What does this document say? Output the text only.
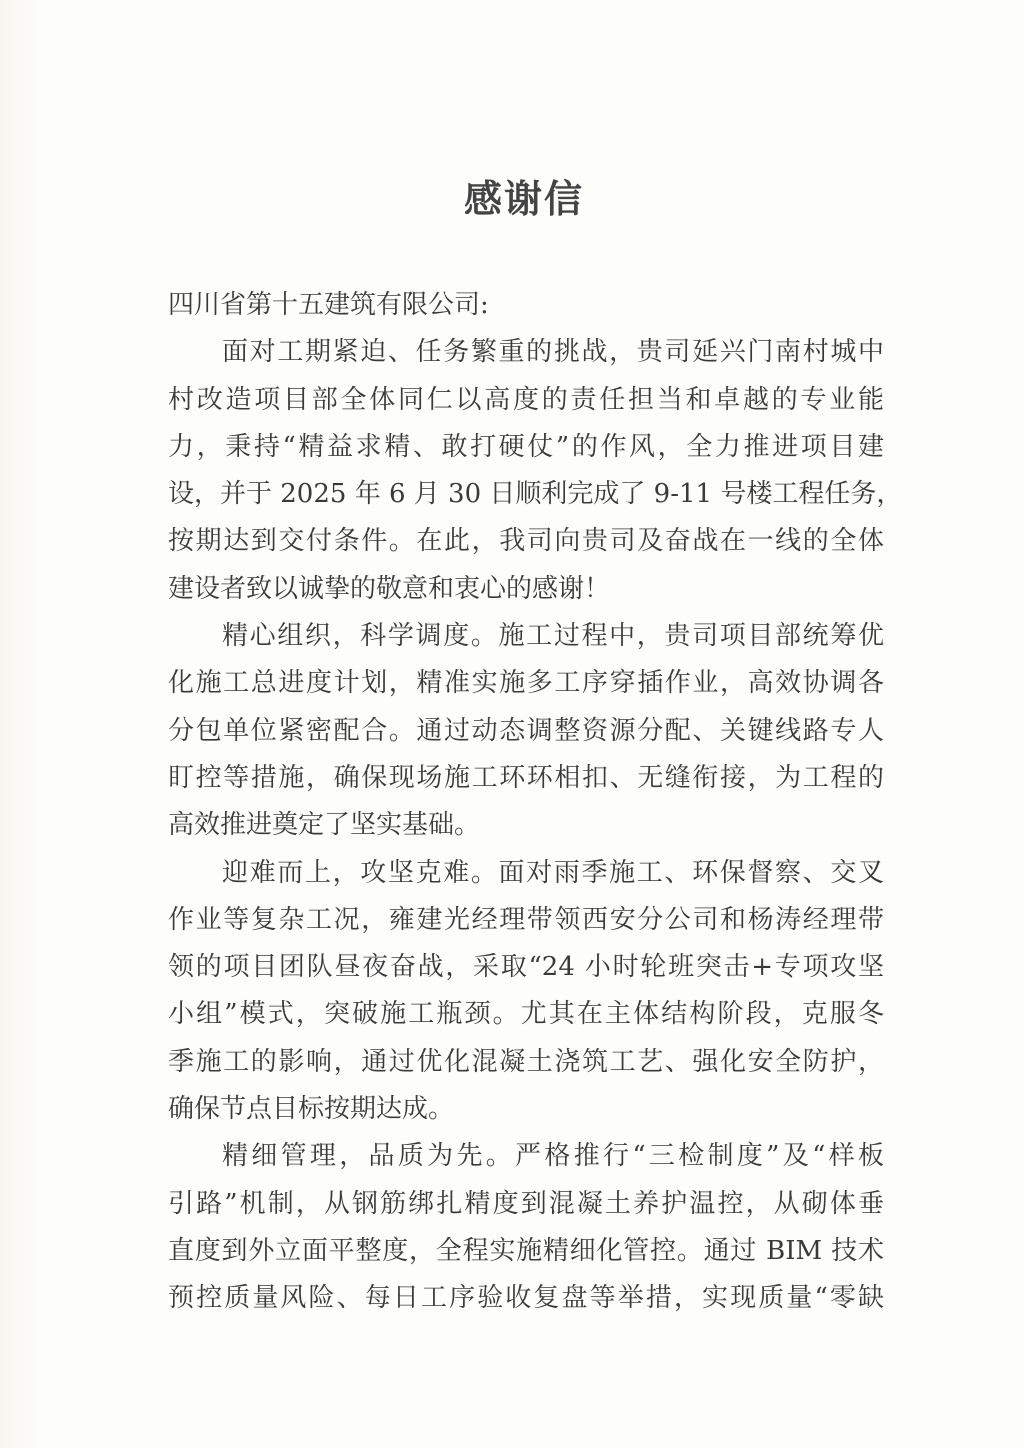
感谢信
四川省第十五建筑有限公司:
面对工期紧迫、任务繁重的挑战，贵司延兴门南村城中
村改造项目部全体同仁以高度的责任担当和卓越的专业能
力，秉持“精益求精、敢打硬仗”的作风，全力推进项目建
设，并于 2025 年 6 月 30 日顺利完成了 9-11 号楼工程任务，
按期达到交付条件。在此，我司向贵司及奋战在一线的全体
建设者致以诚挚的敬意和衷心的感谢！
精心组织，科学调度。施工过程中，贵司项目部统筹优
化施工总进度计划，精准实施多工序穿插作业，高效协调各
分包单位紧密配合。通过动态调整资源分配、关键线路专人
盯控等措施，确保现场施工环环相扣、无缝衔接，为工程的
高效推进奠定了坚实基础。
迎难而上，攻坚克难。面对雨季施工、环保督察、交叉
作业等复杂工况，雍建光经理带领西安分公司和杨涛经理带
领的项目团队昼夜奋战，采取“24 小时轮班突击+专项攻坚
小组”模式，突破施工瓶颈。尤其在主体结构阶段，克服冬
季施工的影响，通过优化混凝土浇筑工艺、强化安全防护，
确保节点目标按期达成。
精细管理，品质为先。严格推行“三检制度”及“样板
引路”机制，从钢筋绑扎精度到混凝土养护温控，从砌体垂
直度到外立面平整度，全程实施精细化管控。通过 BIM 技术
预控质量风险、每日工序验收复盘等举措，实现质量“零缺
